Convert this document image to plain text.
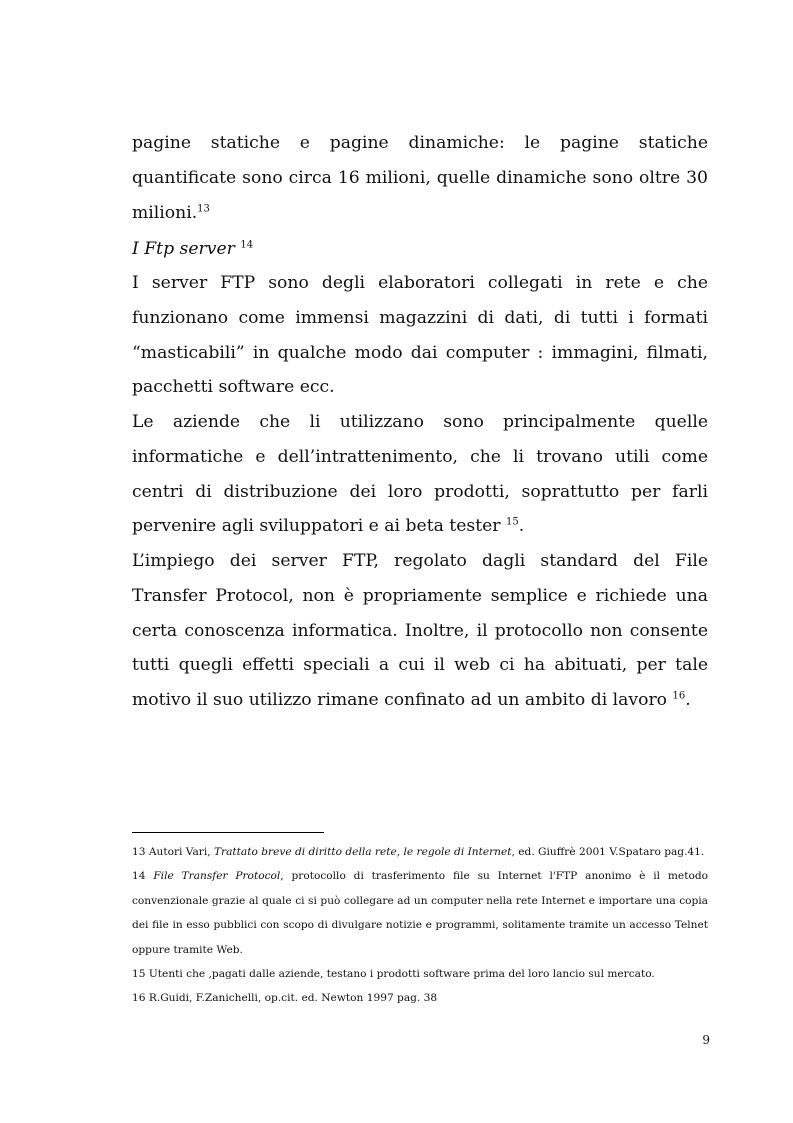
pagine statiche e pagine dinamiche: le pagine statiche quantificate sono circa 16 milioni, quelle dinamiche sono oltre 30 milioni.$^{13}$

I Ftp server $^{14}$

I server FTP sono degli elaboratori collegati in rete e che funzionano come immensi magazzini di dati, di tutti i formati “masticabili” in qualche modo dai computer : immagini, filmati, pacchetti software ecc.

Le aziende che li utilizzano sono principalmente quelle informatiche e dell’intrattenimento, che li trovano utili come centri di distribuzione dei loro prodotti, soprattutto per farli pervenire agli sviluppatori e ai beta tester $^{15}$.

L’impiego dei server FTP, regolato dagli standard del File Transfer Protocol, non è propriamente semplice e richiede una certa conoscenza informatica. Inoltre, il protocollo non consente tutti quegli effetti speciali a cui il web ci ha abituati, per tale motivo il suo utilizzo rimane confinato ad un ambito di lavoro $^{16}$.

13 Autori Vari, Trattato breve di diritto della rete, le regole di Internet, ed. Giuffrè 2001 V.Spataro pag.41.
14 File Transfer Protocol, protocollo di trasferimento file su Internet l'FTP anonimo è il metodo convenzionale grazie al quale ci si può collegare ad un computer nella rete Internet e importare una copia dei file in esso pubblici con scopo di divulgare notizie e programmi, solitamente tramite un accesso Telnet oppure tramite Web.
15 Utenti che ,pagati dalle aziende, testano i prodotti software prima del loro lancio sul mercato.
16 R.Guidi, F.Zanichelli, op.cit. ed. Newton 1997 pag. 38
9
